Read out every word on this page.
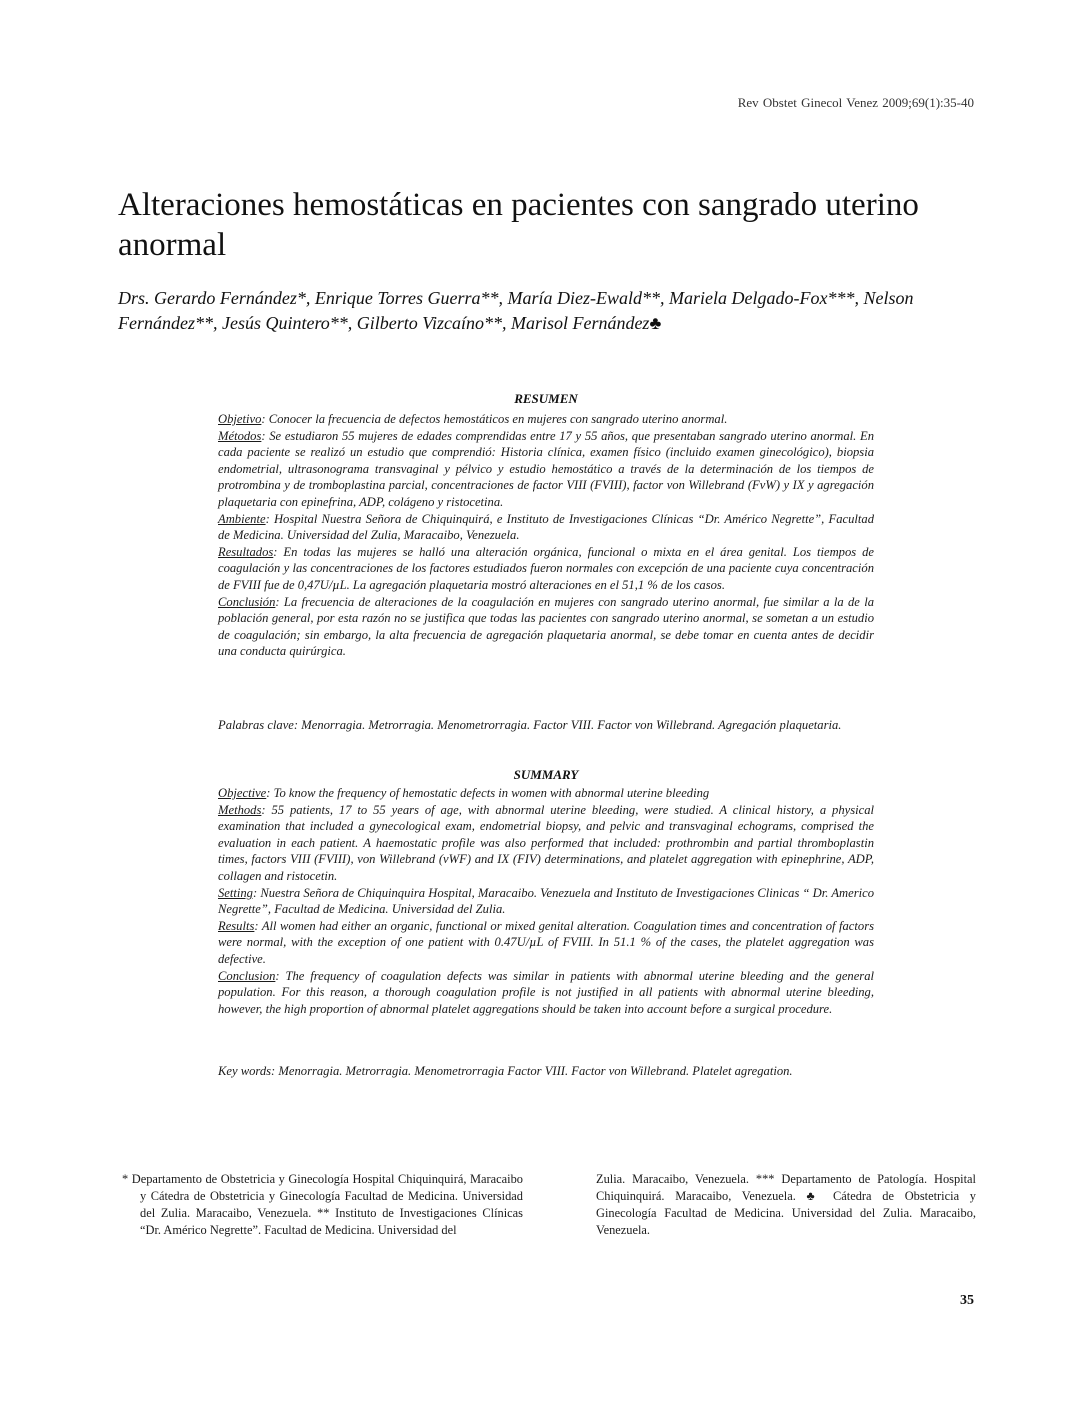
Rev Obstet Ginecol Venez 2009;69(1):35-40
Alteraciones hemostáticas en pacientes con sangrado uterino anormal

Drs. Gerardo Fernández*, Enrique Torres Guerra**, María Diez-Ewald**, Mariela Delgado-Fox***, Nelson Fernández**, Jesús Quintero**, Gilberto Vizcaíno**, Marisol Fernández♣

RESUMEN

Objetivo: Conocer la frecuencia de defectos hemostáticos en mujeres con sangrado uterino anormal.

Métodos: Se estudiaron 55 mujeres de edades comprendidas entre 17 y 55 años, que presentaban sangrado uterino anormal. En cada paciente se realizó un estudio que comprendió: Historia clínica, examen físico (incluido examen ginecológico), biopsia endometrial, ultrasonograma transvaginal y pélvico y estudio hemostático a través de la determinación de los tiempos de protrombina y de tromboplastina parcial, concentraciones de factor VIII (FVIII), factor von Willebrand (FvW) y IX y agregación plaquetaria con epinefrina, ADP, colágeno y ristocetina.

Ambiente: Hospital Nuestra Señora de Chiquinquirá, e Instituto de Investigaciones Clínicas “Dr. Américo Negrette”, Facultad de Medicina. Universidad del Zulia, Maracaibo, Venezuela.

Resultados: En todas las mujeres se halló una alteración orgánica, funcional o mixta en el área genital. Los tiempos de coagulación y las concentraciones de los factores estudiados fueron normales con excepción de una paciente cuya concentración de FVIII fue de 0,47U/µL. La agregación plaquetaria mostró alteraciones en el 51,1 % de los casos.

Conclusión: La frecuencia de alteraciones de la coagulación en mujeres con sangrado uterino anormal, fue similar a la de la población general, por esta razón no se justifica que todas las pacientes con sangrado uterino anormal, se sometan a un estudio de coagulación; sin embargo, la alta frecuencia de agregación plaquetaria anormal, se debe tomar en cuenta antes de decidir una conducta quirúrgica.

Palabras clave: Menorragia. Metrorragia. Menometrorragia. Factor VIII. Factor von Willebrand. Agregación plaquetaria.

SUMMARY

Objective: To know the frequency of hemostatic defects in women with abnormal uterine bleeding

Methods: 55 patients, 17 to 55 years of age, with abnormal uterine bleeding, were studied. A clinical history, a physical examination that included a gynecological exam, endometrial biopsy, and pelvic and transvaginal echograms, comprised the evaluation in each patient. A haemostatic profile was also performed that included: prothrombin and partial thromboplastin times, factors VIII (FVIII), von Willebrand (vWF) and IX (FIV) determinations, and platelet aggregation with epinephrine, ADP, collagen and ristocetin.

Setting: Nuestra Señora de Chiquinquira Hospital, Maracaibo. Venezuela and Instituto de Investigaciones Clinicas “ Dr. Americo Negrette”, Facultad de Medicina. Universidad del Zulia.

Results: All women had either an organic, functional or mixed genital alteration. Coagulation times and concentration of factors were normal, with the exception of one patient with 0.47U/µL of FVIII. In 51.1 % of the cases, the platelet aggregation was defective.

Conclusion: The frequency of coagulation defects was similar in patients with abnormal uterine bleeding and the general population. For this reason, a thorough coagulation profile is not justified in all patients with abnormal uterine bleeding, however, the high proportion of abnormal platelet aggregations should be taken into account before a surgical procedure.

Key words: Menorragia. Metrorragia. Menometrorragia Factor VIII. Factor von Willebrand. Platelet agregation.

* Departamento de Obstetricia y Ginecología Hospital Chiquinquirá, Maracaibo y Cátedra de Obstetricia y Ginecología Facultad de Medicina. Universidad del Zulia. Maracaibo, Venezuela. ** Instituto de Investigaciones Clínicas “Dr. Américo Negrette”. Facultad de Medicina. Universidad del

Zulia. Maracaibo, Venezuela. *** Departamento de Patología. Hospital Chiquinquirá. Maracaibo, Venezuela. ♣ Cátedra de Obstetricia y Ginecología Facultad de Medicina. Universidad del Zulia. Maracaibo, Venezuela.

35
